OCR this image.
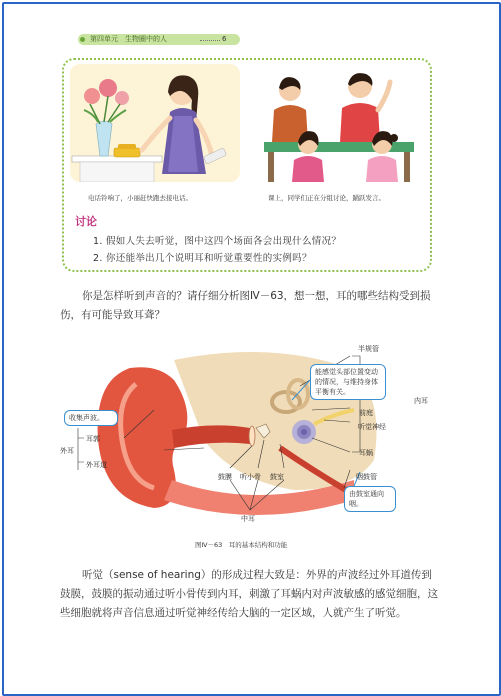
第四单元　生物圈中的人	6
电话铃响了，小丽赶快跑去接电话。	课上，同学们正在分组讨论，踊跃发言。
讨论
1. 假如人失去听觉，图中这四个场面各会出现什么情况？
2. 你还能举出几个说明耳和听觉重要性的实例吗？
你是怎样听到声音的？请仔细分析图Ⅳ－63，想一想，耳的哪些结构受到损伤，有可能导致耳聋？
半规管
前庭
听觉神经
耳蜗
内耳
外耳
耳郭
外耳道
鼓膜 听小骨 鼓室
中耳
咽鼓管
能感觉头部位置变动的情况，与维持身体平衡有关。
收集声波。
由鼓室通向咽。
图Ⅳ－63　耳的基本结构和功能
听觉（sense of hearing）的形成过程大致是：外界的声波经过外耳道传到鼓膜，鼓膜的振动通过听小骨传到内耳，刺激了耳蜗内对声波敏感的感觉细胞，这些细胞就将声音信息通过听觉神经传给大脑的一定区域，人就产生了听觉。
